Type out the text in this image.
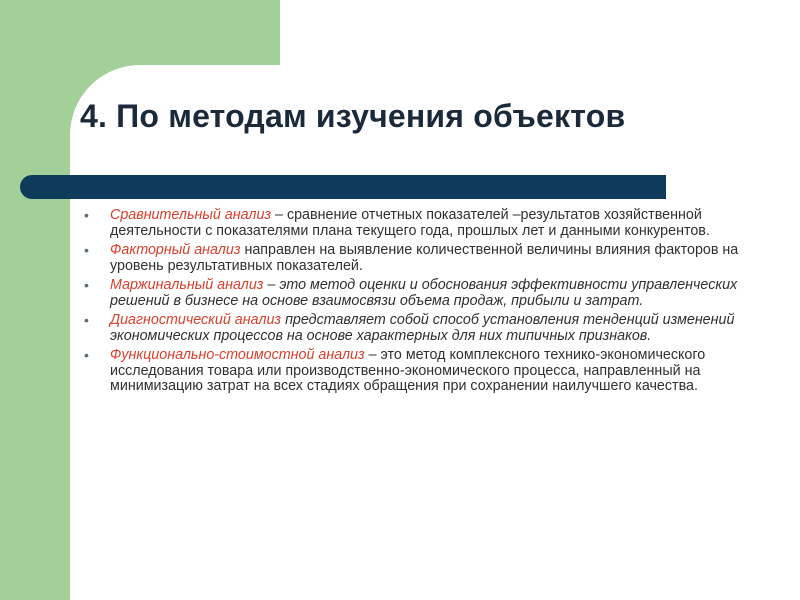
4. По методам изучения объектов
• Сравнительный анализ – сравнение отчетных показателей –результатов хозяйственной деятельности с показателями плана текущего года, прошлых лет и данными конкурентов.
• Факторный анализ направлен на выявление количественной величины влияния факторов на уровень результативных показателей.
• Маржинальный анализ – это метод оценки и обоснования эффективности управленческих решений в бизнесе на основе взаимосвязи объема продаж, прибыли и затрат.
• Диагностический анализ представляет собой способ установления тенденций изменений экономических процессов на основе характерных для них типичных признаков.
• Функционально-стоимостной анализ – это метод комплексного технико-экономического исследования товара или производственно-экономического процесса, направленный на минимизацию затрат на всех стадиях обращения при сохранении наилучшего качества.
